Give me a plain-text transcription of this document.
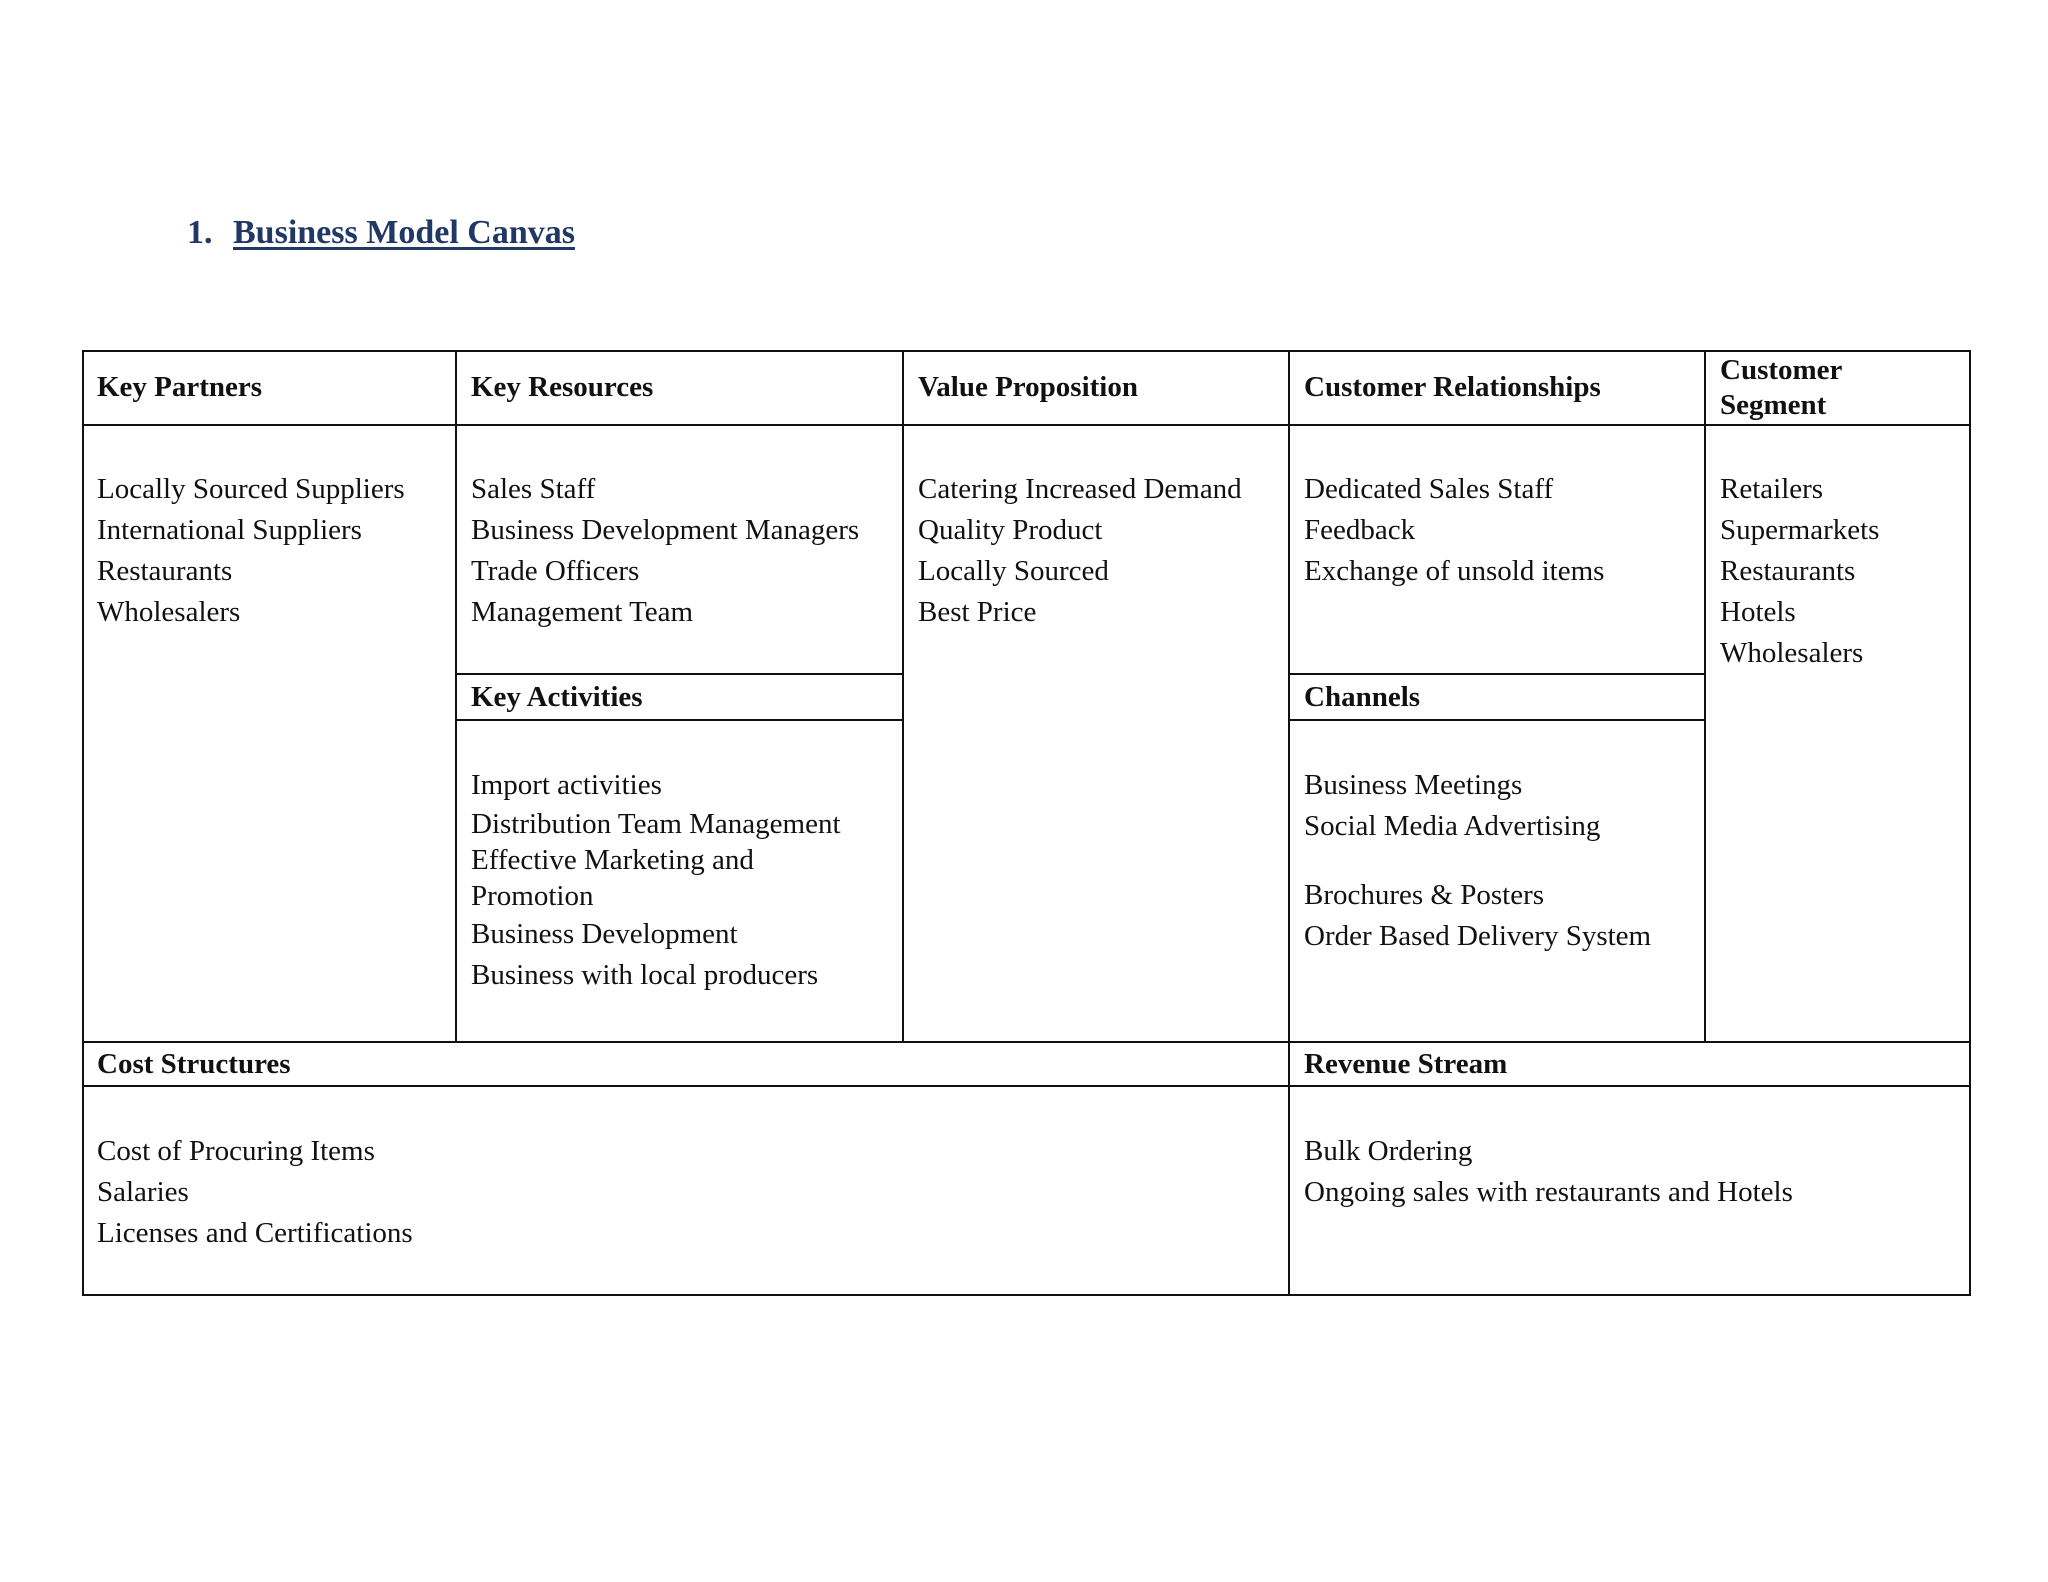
1. Business Model Canvas
Key Partners
Locally Sourced Suppliers
International Suppliers
Restaurants
Wholesalers
Key Resources
Sales Staff
Business Development Managers
Trade Officers
Management Team
Key Activities
Import activities
Distribution Team Management
Effective Marketing and
Promotion
Business Development
Business with local producers
Value Proposition
Catering Increased Demand
Quality Product
Locally Sourced
Best Price
Customer Relationships
Dedicated Sales Staff
Feedback
Exchange of unsold items
Channels
Business Meetings
Social Media Advertising
Brochures & Posters
Order Based Delivery System
Customer
Segment
Retailers
Supermarkets
Restaurants
Hotels
Wholesalers
Cost Structures
Cost of Procuring Items
Salaries
Licenses and Certifications
Revenue Stream
Bulk Ordering
Ongoing sales with restaurants and Hotels
